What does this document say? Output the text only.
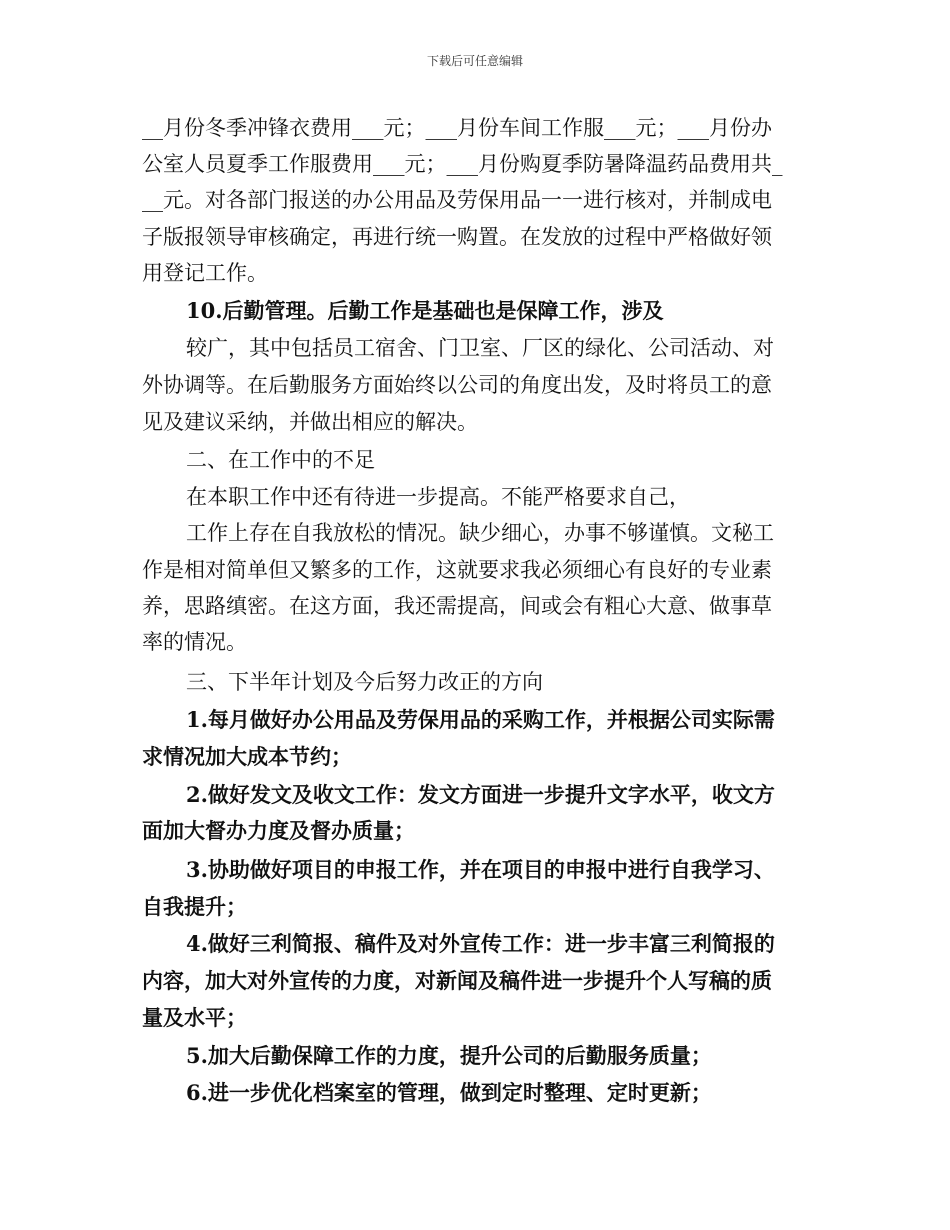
下载后可任意编辑
__月份冬季冲锋衣费用___元；___月份车间工作服___元；___月份办
公室人员夏季工作服费用___元；___月份购夏季防暑降温药品费用共_
__元。对各部门报送的办公用品及劳保用品一一进行核对，并制成电
子版报领导审核确定，再进行统一购置。在发放的过程中严格做好领
用登记工作。
10.后勤管理。后勤工作是基础也是保障工作，涉及
较广，其中包括员工宿舍、门卫室、厂区的绿化、公司活动、对
外协调等。在后勤服务方面始终以公司的角度出发，及时将员工的意
见及建议采纳，并做出相应的解决。
二、在工作中的不足
在本职工作中还有待进一步提高。不能严格要求自己，
工作上存在自我放松的情况。缺少细心，办事不够谨慎。文秘工
作是相对简单但又繁多的工作，这就要求我必须细心有良好的专业素
养，思路缜密。在这方面，我还需提高，间或会有粗心大意、做事草
率的情况。
三、下半年计划及今后努力改正的方向
1.每月做好办公用品及劳保用品的采购工作，并根据公司实际需
求情况加大成本节约；
2.做好发文及收文工作：发文方面进一步提升文字水平，收文方
面加大督办力度及督办质量；
3.协助做好项目的申报工作，并在项目的申报中进行自我学习、
自我提升；
4.做好三利简报、稿件及对外宣传工作：进一步丰富三利简报的
内容，加大对外宣传的力度，对新闻及稿件进一步提升个人写稿的质
量及水平；
5.加大后勤保障工作的力度，提升公司的后勤服务质量；
6.进一步优化档案室的管理，做到定时整理、定时更新；
